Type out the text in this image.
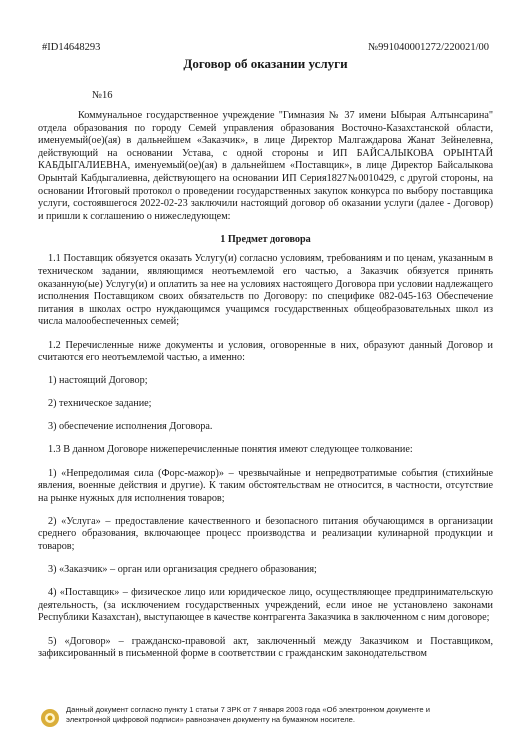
#ID14648293	№991040001272/220021/00
Договор об оказании услуги
№16

Коммунальное государственное учреждение "Гимназия № 37 имени Ыбырая Алтынсарина" отдела образования по городу Семей управления образования Восточно-Казахстанской области, именуемый(ое)(ая) в дальнейшем «Заказчик», в лице Директор Малгаждарова Жанат Зейнелевна, действующий на основании Устава, с одной стороны и ИП БАЙСАЛЫКОВА ОРЫНТАЙ КАБДЫГАЛИЕВНА, именуемый(ое)(ая) в дальнейшем «Поставщик», в лице Директор Байсалыкова Орынтай Кабдыгалиевна, действующего на основании ИП Серия1827№0010429, с другой стороны, на основании Итоговый протокол о проведении государственных закупок конкурса по выбору поставщика услуги, состоявшегося 2022-02-23 заключили настоящий договор об оказании услуги (далее - Договор) и пришли к соглашению о нижеследующем:

1 Предмет договора

1.1 Поставщик обязуется оказать Услугу(и) согласно условиям, требованиям и по ценам, указанным в техническом задании, являющимся неотъемлемой его частью, а Заказчик обязуется принять оказанную(ые) Услугу(и) и оплатить за нее на условиях настоящего Договора при условии надлежащего исполнения Поставщиком своих обязательств по Договору: по спецификe 082-045-163 Обеспечение питания в школах остро нуждающимся учащимся государственных общеобразовательных школ из числа малообеспеченных семей;

1.2 Перечисленные ниже документы и условия, оговоренные в них, образуют данный Договор и считаются его неотъемлемой частью, а именно:

1) настоящий Договор;

2) техническое задание;

3) обеспечение исполнения Договора.

1.3 В данном Договоре нижеперечисленные понятия имеют следующее толкование:

1) «Непредолимая сила (Форс-мажор)» – чрезвычайные и непредвотратимые события (стихийные явления, военные действия и другие). К таким обстоятельствам не относится, в частности, отсутствие на рынке нужных для исполнения товаров;

2) «Услуга» – предоставление качественного и безопасного питания обучающимся в организации среднего образования, включающее процесс производства и реализации кулинарной продукции и товаров;

3) «Заказчик» – орган или организация среднего образования;

4) «Поставщик» – физическое лицо или юридическое лицо, осуществляющее предпринимательскую деятельность, (за исключением государственных учреждений, если иное не установлено законами Республики Казахстан), выступающее в качестве контрагента Заказчика в заключенном с ним договоре;

5) «Договор» – гражданско-правовой акт, заключенный между Заказчиком и Поставщиком, зафиксированный в письменной форме в соответствии с гражданским законодательством

Данный документ согласно пункту 1 статьи 7 ЗРК от 7 января 2003 года «Об электронном документе и
электронной цифровой подписи» равнозначен документу на бумажном носителе.
